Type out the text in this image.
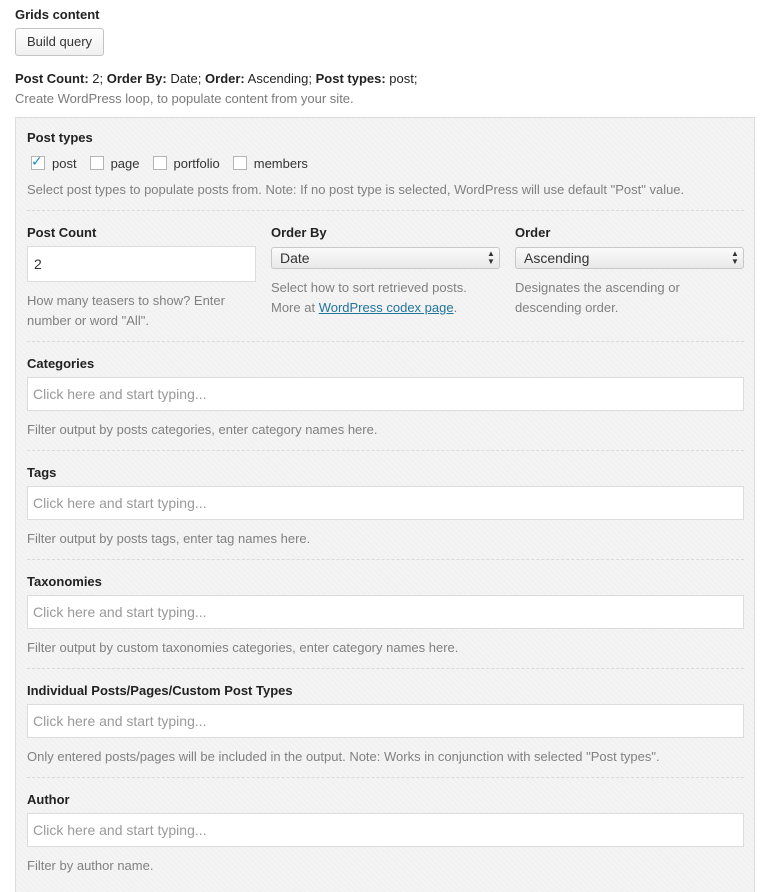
Grids content
Build query
Post Count: 2; Order By: Date; Order: Ascending; Post types: post;
Create WordPress loop, to populate content from your site.
Post types
✓ post	page	portfolio	members
Select post types to populate posts from. Note: If no post type is selected, WordPress will use default "Post" value.
Post Count
2
How many teasers to show? Enter
number or word "All".
Order By
Date	▲
▼
Select how to sort retrieved posts.
More at WordPress codex page.
Order
Ascending	▲
▼
Designates the ascending or
descending order.
Categories
Click here and start typing...
Filter output by posts categories, enter category names here.
Tags
Click here and start typing...
Filter output by posts tags, enter tag names here.
Taxonomies
Click here and start typing...
Filter output by custom taxonomies categories, enter category names here.
Individual Posts/Pages/Custom Post Types
Click here and start typing...
Only entered posts/pages will be included in the output. Note: Works in conjunction with selected "Post types".
Author
Click here and start typing...
Filter by author name.
